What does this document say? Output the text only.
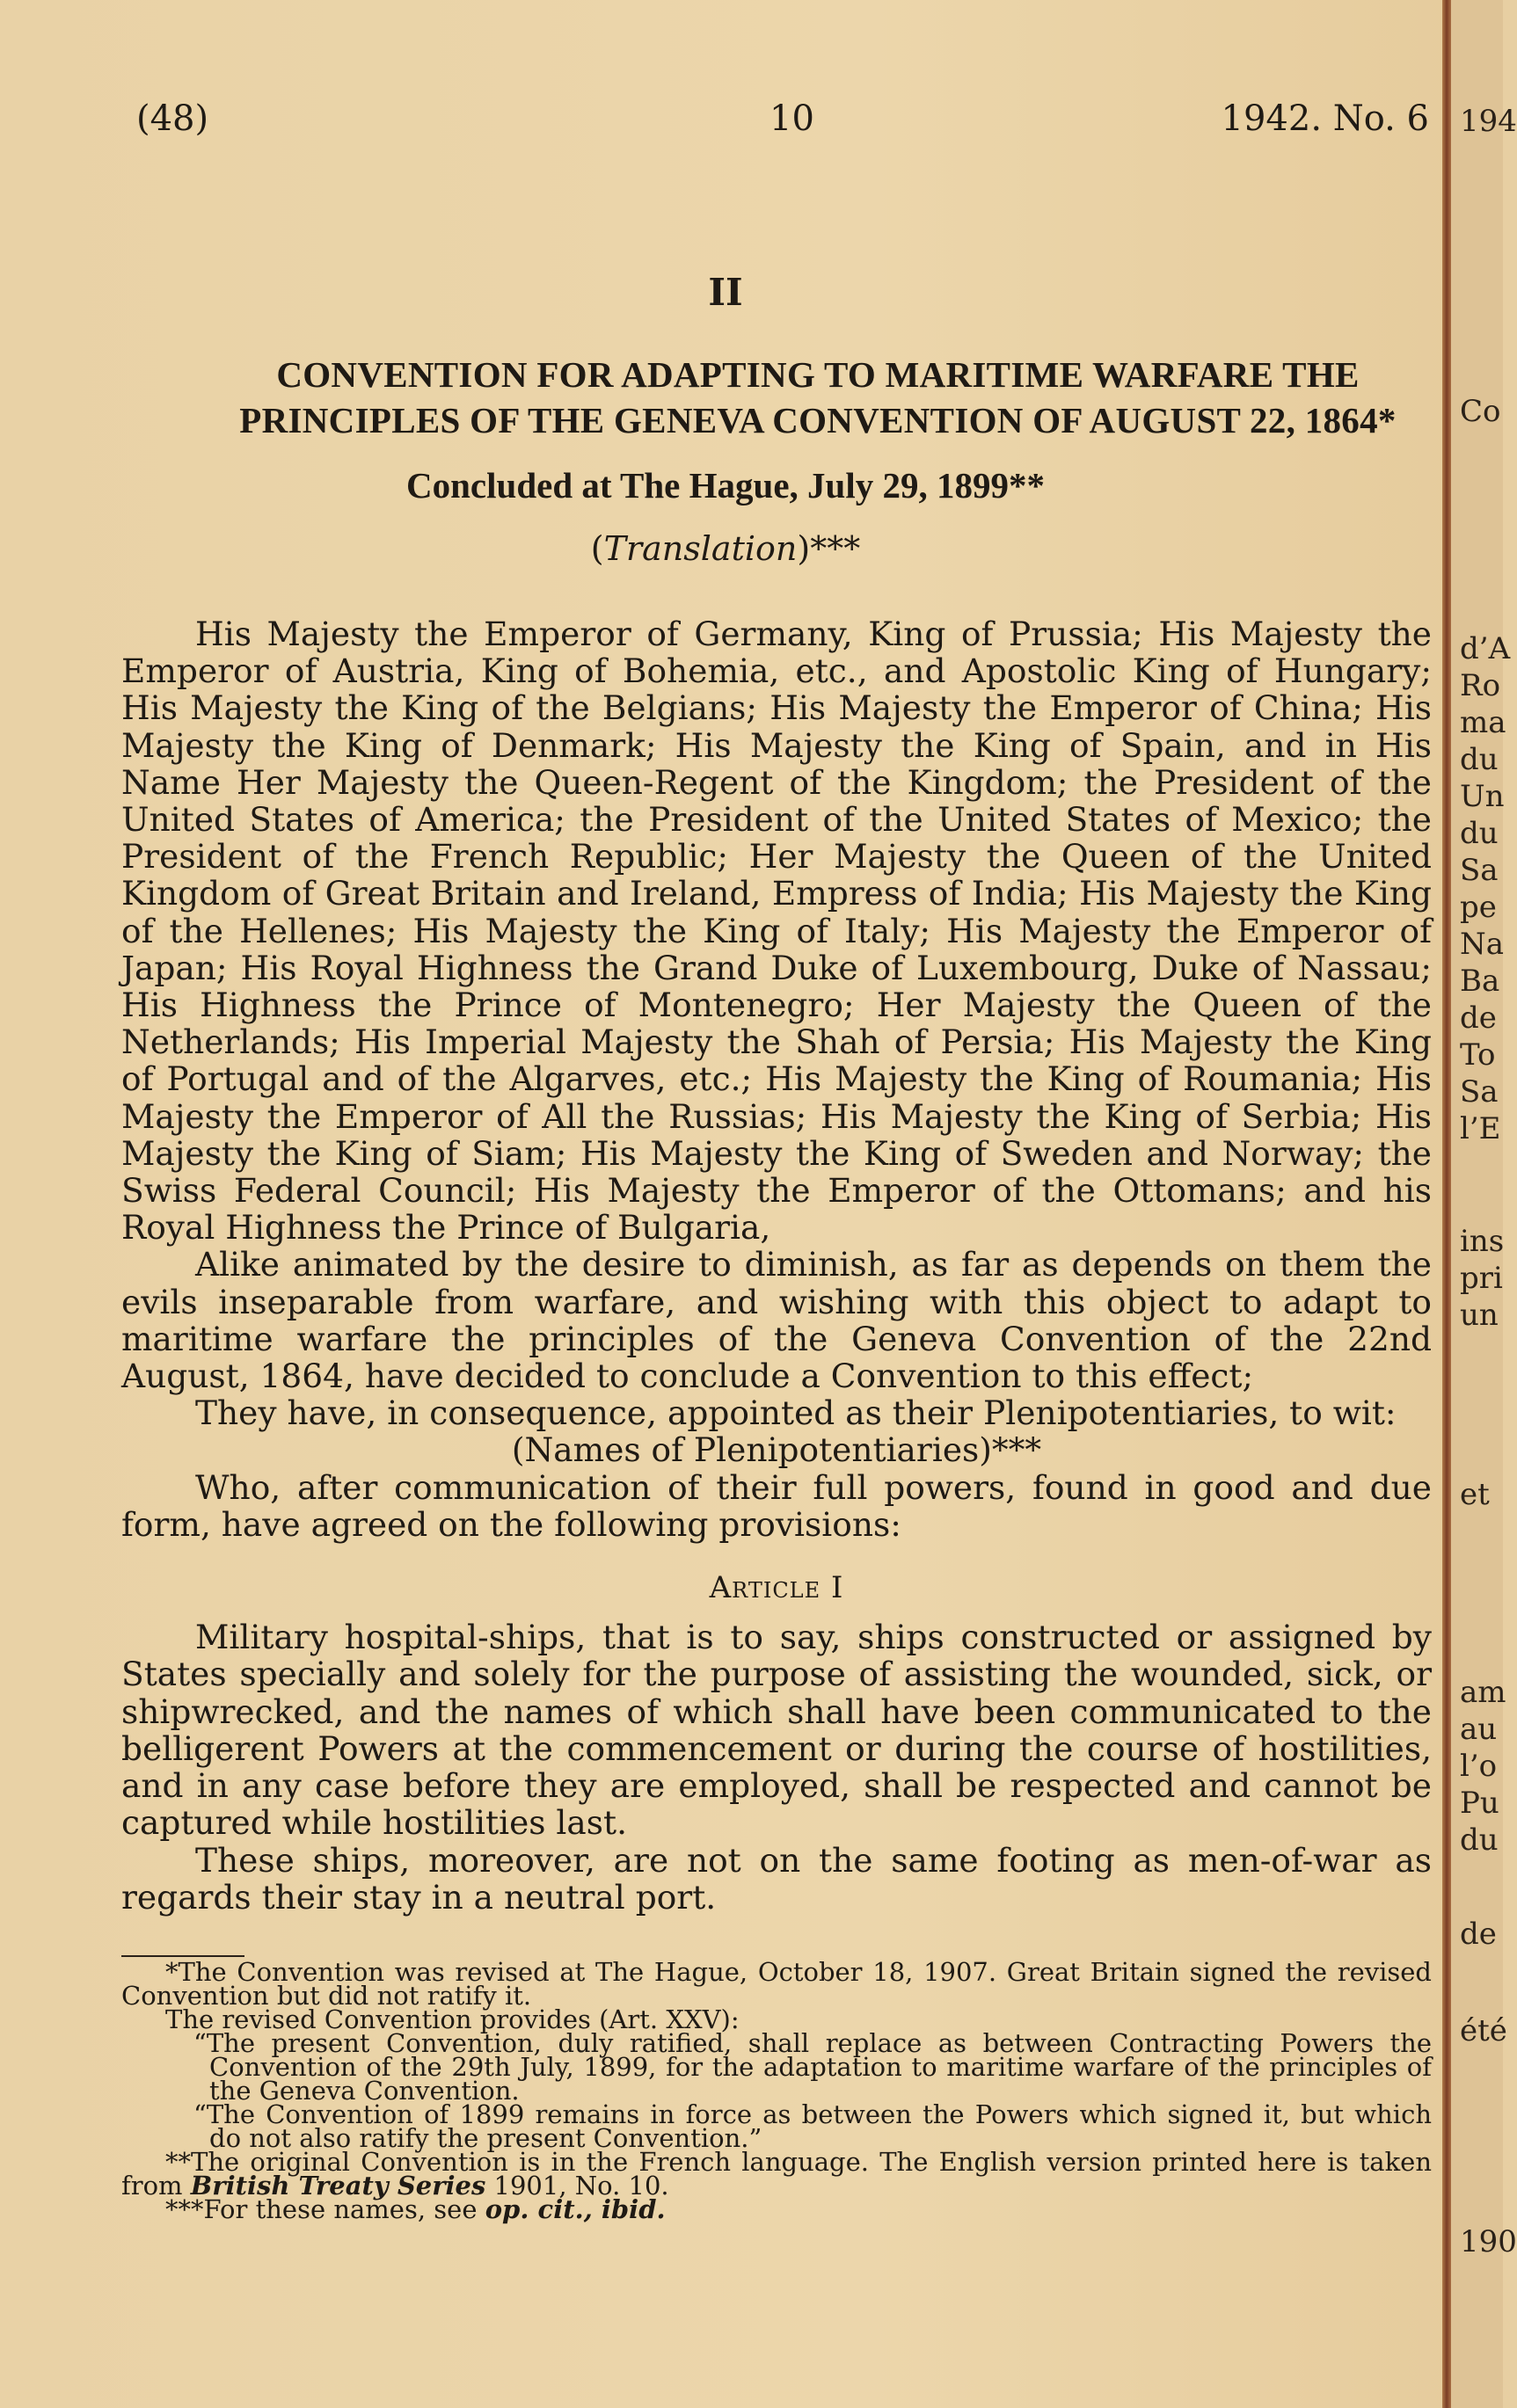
(48)	10	1942. No. 6
II
CONVENTION FOR ADAPTING TO MARITIME WARFARE THE
PRINCIPLES OF THE GENEVA CONVENTION OF AUGUST 22, 1864*
Concluded at The Hague, July 29, 1899**
(Translation)***

His Majesty the Emperor of Germany, King of Prussia; His Majesty the Emperor of Austria, King of Bohemia, etc., and Apostolic King of Hungary; His Majesty the King of the Belgians; His Majesty the Emperor of China; His Majesty the King of Denmark; His Majesty the King of Spain, and in His Name Her Majesty the Queen-Regent of the Kingdom; the President of the United States of America; the President of the United States of Mexico; the President of the French Republic; Her Majesty the Queen of the United Kingdom of Great Britain and Ireland, Empress of India; His Majesty the King of the Hellenes; His Majesty the King of Italy; His Majesty the Emperor of Japan; His Royal Highness the Grand Duke of Luxembourg, Duke of Nassau; His Highness the Prince of Montenegro; Her Majesty the Queen of the Netherlands; His Imperial Majesty the Shah of Persia; His Majesty the King of Portugal and of the Algarves, etc.; His Majesty the King of Roumania; His Majesty the Emperor of All the Russias; His Majesty the King of Serbia; His Majesty the King of Siam; His Majesty the King of Sweden and Norway; the Swiss Federal Council; His Majesty the Emperor of the Ottomans; and his Royal Highness the Prince of Bulgaria,

Alike animated by the desire to diminish, as far as depends on them the evils inseparable from warfare, and wishing with this object to adapt to maritime warfare the principles of the Geneva Convention of the 22nd August, 1864, have decided to conclude a Convention to this effect;

They have, in consequence, appointed as their Plenipotentiaries, to wit:

(Names of Plenipotentiaries)***

Who, after communication of their full powers, found in good and due form, have agreed on the following provisions:

Article I

Military hospital-ships, that is to say, ships constructed or assigned by States specially and solely for the purpose of assisting the wounded, sick, or shipwrecked, and the names of which shall have been communicated to the belligerent Powers at the commencement or during the course of hostilities, and in any case before they are employed, shall be respected and cannot be captured while hostilities last.

These ships, moreover, are not on the same footing as men-of-war as regards their stay in a neutral port.

*The Convention was revised at The Hague, October 18, 1907. Great Britain signed the revised Convention but did not ratify it.

The revised Convention provides (Art. XXV):

“The present Convention, duly ratified, shall replace as between Contracting Powers the Convention of the 29th July, 1899, for the adaptation to maritime warfare of the principles of the Geneva Convention.

“The Convention of 1899 remains in force as between the Powers which signed it, but which do not also ratify the present Convention.”

**The original Convention is in the French language. The English version printed here is taken from British Treaty Series 1901, No. 10.

***For these names, see op. cit., ibid.

194
Co
d’A
Ro
ma
du
Un
du
Sa
pe
Na
Ba
de
To
Sa
l’E
ins
pri
un
et
am
au
l’o
Pu
du
de
été
190
